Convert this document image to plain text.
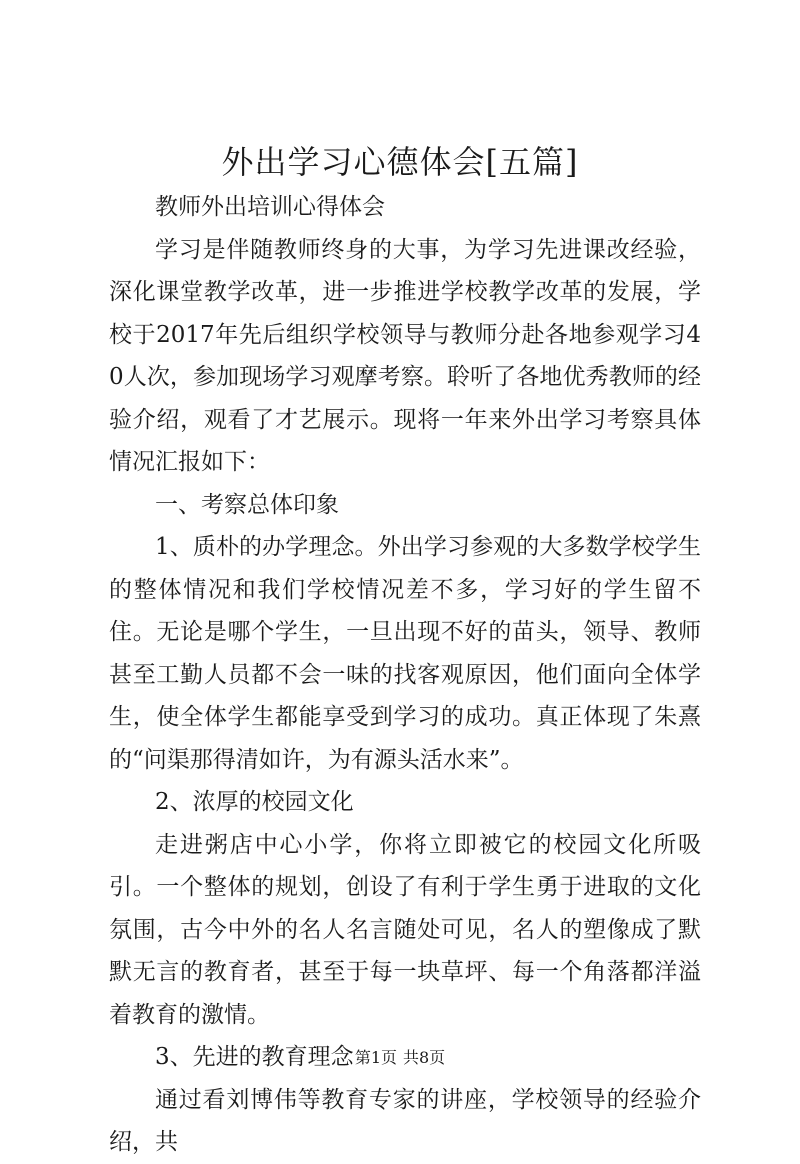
外出学习心德体会[五篇]

教师外出培训心得体会

学习是伴随教师终身的大事，为学习先进课改经验，深化课堂教学改革，进一步推进学校教学改革的发展，学校于2017年先后组织学校领导与教师分赴各地参观学习40人次，参加现场学习观摩考察。聆听了各地优秀教师的经验介绍，观看了才艺展示。现将一年来外出学习考察具体情况汇报如下：

一、考察总体印象

1、质朴的办学理念。外出学习参观的大多数学校学生的整体情况和我们学校情况差不多，学习好的学生留不住。无论是哪个学生，一旦出现不好的苗头，领导、教师甚至工勤人员都不会一味的找客观原因，他们面向全体学生，使全体学生都能享受到学习的成功。真正体现了朱熹的“问渠那得清如许，为有源头活水来”。

2、浓厚的校园文化

走进粥店中心小学，你将立即被它的校园文化所吸引。一个整体的规划，创设了有利于学生勇于进取的文化氛围，古今中外的名人名言随处可见，名人的塑像成了默默无言的教育者，甚至于每一块草坪、每一个角落都洋溢着教育的激情。

3、先进的教育理念

通过看刘博伟等教育专家的讲座，学校领导的经验介绍，共

第1页 共8页
